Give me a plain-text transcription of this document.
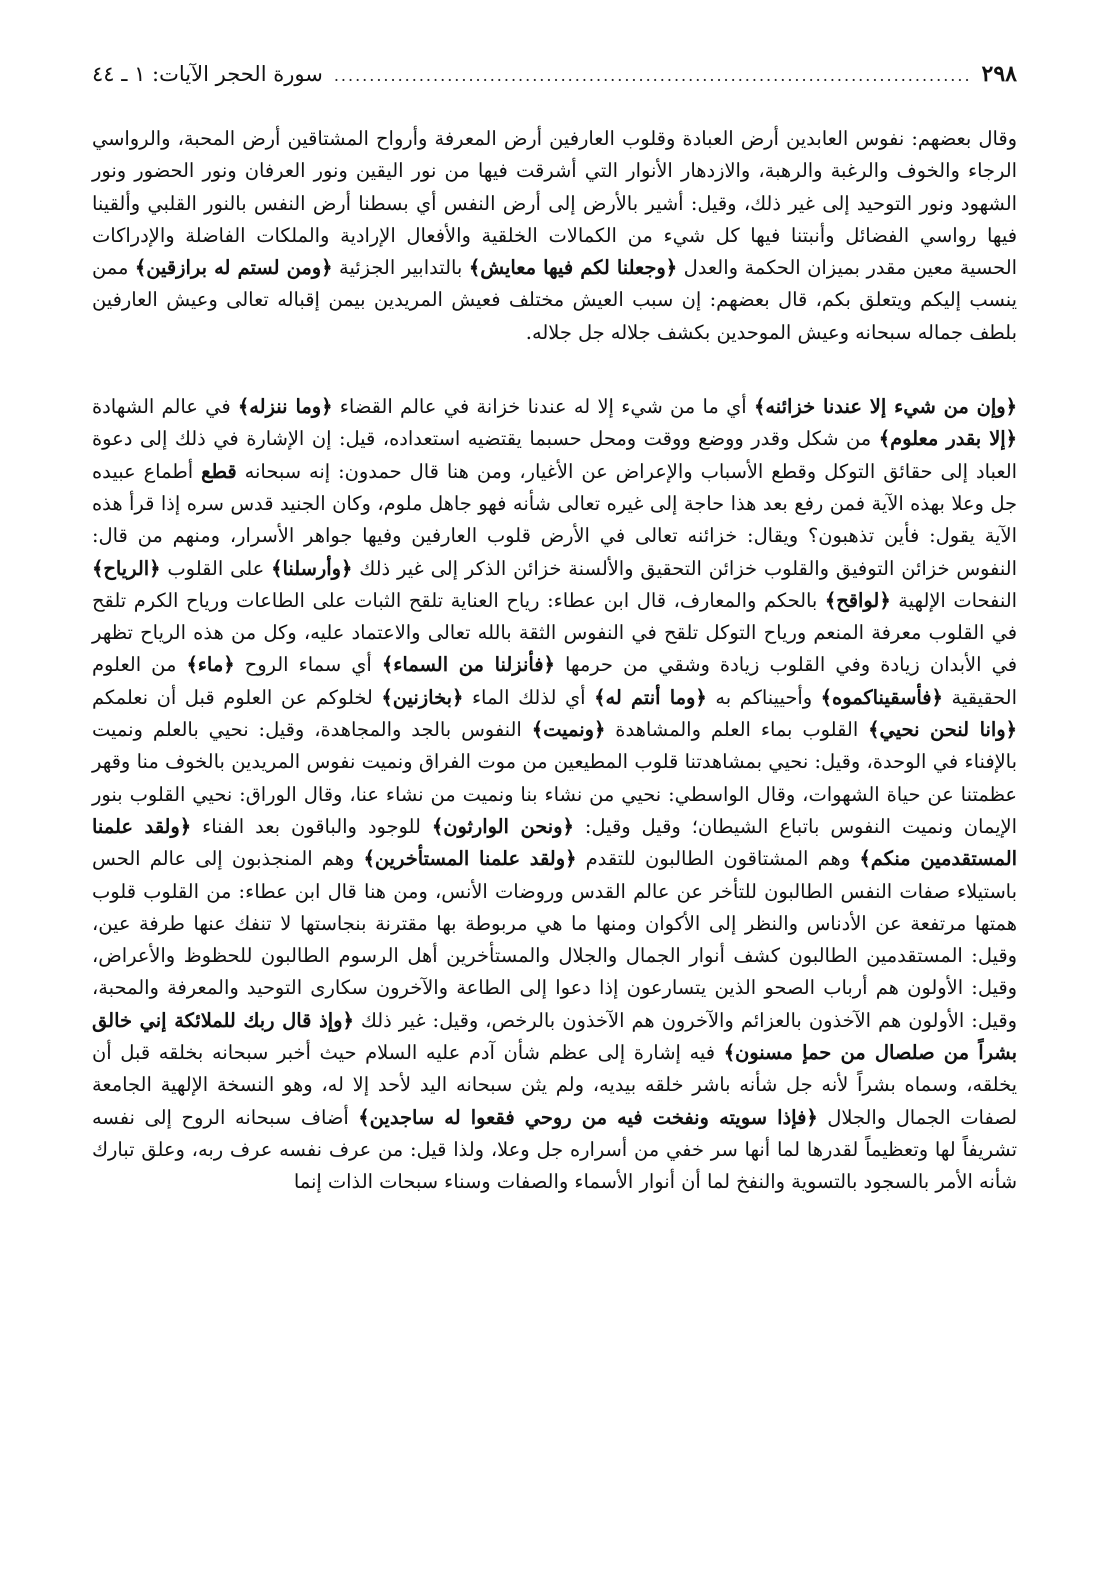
٢٩٨
.....
سورة الحجر الآيات: ١ ـ ٤٤

وقال بعضهم: نفوس العابدين أرض العبادة وقلوب العارفين أرض المعرفة وأرواح المشتاقين أرض المحبة، والرواسي الرجاء والخوف والرغبة والرهبة، والازدهار الأنوار التي أشرقت فيها من نور اليقين ونور العرفان ونور الحضور ونور الشهود ونور التوحيد إلى غير ذلك، وقيل: أشير بالأرض إلى أرض النفس أي بسطنا أرض النفس بالنور القلبي وألقينا فيها رواسي الفضائل وأنبتنا فيها كل شيء من الكمالات الخلقية والأفعال الإرادية والملكات الفاضلة والإدراكات الحسية معين مقدر بميزان الحكمة والعدل ﴿وجعلنا لكم فيها معايش﴾ بالتدابير الجزئية ﴿ومن لستم له برازقين﴾ ممن ينسب إليكم ويتعلق بكم، قال بعضهم: إن سبب العيش مختلف فعيش المريدين بيمن إقباله تعالى وعيش العارفين بلطف جماله سبحانه وعيش الموحدين بكشف جلاله جل جلاله.

﴿وإن من شيء إلا عندنا خزائنه﴾ أي ما من شيء إلا له عندنا خزانة في عالم القضاء ﴿وما ننزله﴾ في عالم الشهادة ﴿إلا بقدر معلوم﴾ من شكل وقدر ووضع ووقت ومحل حسبما يقتضيه استعداده، قيل: إن الإشارة في ذلك إلى دعوة العباد إلى حقائق التوكل وقطع الأسباب والإعراض عن الأغيار، ومن هنا قال حمدون: إنه سبحانه قطع أطماع عبيده جل وعلا بهذه الآية فمن رفع بعد هذا حاجة إلى غيره تعالى شأنه فهو جاهل ملوم، وكان الجنيد قدس سره إذا قرأ هذه الآية يقول: فأين تذهبون؟ ويقال: خزائنه تعالى في الأرض قلوب العارفين وفيها جواهر الأسرار، ومنهم من قال: النفوس خزائن التوفيق والقلوب خزائن التحقيق والألسنة خزائن الذكر إلى غير ذلك ﴿وأرسلنا﴾ على القلوب ﴿الرياح﴾ النفحات الإلهية ﴿لواقح﴾ بالحكم والمعارف، قال ابن عطاء: رياح العناية تلقح الثبات على الطاعات ورياح الكرم تلقح في القلوب معرفة المنعم ورياح التوكل تلقح في النفوس الثقة بالله تعالى والاعتماد عليه، وكل من هذه الرياح تظهر في الأبدان زيادة وفي القلوب زيادة وشقي من حرمها ﴿فأنزلنا من السماء﴾ أي سماء الروح ﴿ماء﴾ من العلوم الحقيقية ﴿فأسقيناكموه﴾ وأحييناكم به ﴿وما أنتم له﴾ أي لذلك الماء ﴿بخازنين﴾ لخلوكم عن العلوم قبل أن نعلمكم ﴿وانا لنحن نحيي﴾ القلوب بماء العلم والمشاهدة ﴿ونميت﴾ النفوس بالجد والمجاهدة، وقيل: نحيي بالعلم ونميت بالإفناء في الوحدة، وقيل: نحيي بمشاهدتنا قلوب المطيعين من موت الفراق ونميت نفوس المريدين بالخوف منا وقهر عظمتنا عن حياة الشهوات، وقال الواسطي: نحيي من نشاء بنا ونميت من نشاء عنا، وقال الوراق: نحيي القلوب بنور الإيمان ونميت النفوس باتباع الشيطان؛ وقيل وقيل: ﴿ونحن الوارثون﴾ للوجود والباقون بعد الفناء ﴿ولقد علمنا المستقدمين منكم﴾ وهم المشتاقون الطالبون للتقدم ﴿ولقد علمنا المستأخرين﴾ وهم المنجذبون إلى عالم الحس باستيلاء صفات النفس الطالبون للتأخر عن عالم القدس وروضات الأنس، ومن هنا قال ابن عطاء: من القلوب قلوب همتها مرتفعة عن الأدناس والنظر إلى الأكوان ومنها ما هي مربوطة بها مقترنة بنجاستها لا تنفك عنها طرفة عين، وقيل: المستقدمين الطالبون كشف أنوار الجمال والجلال والمستأخرين أهل الرسوم الطالبون للحظوظ والأعراض، وقيل: الأولون هم أرباب الصحو الذين يتسارعون إذا دعوا إلى الطاعة والآخرون سكارى التوحيد والمعرفة والمحبة، وقيل: الأولون هم الآخذون بالعزائم والآخرون هم الآخذون بالرخص، وقيل: غير ذلك ﴿وإذ قال ربك للملائكة إني خالق بشراً من صلصال من حمإ مسنون﴾ فيه إشارة إلى عظم شأن آدم عليه السلام حيث أخبر سبحانه بخلقه قبل أن يخلقه، وسماه بشراً لأنه جل شأنه باشر خلقه بيديه، ولم يثن سبحانه اليد لأحد إلا له، وهو النسخة الإلهية الجامعة لصفات الجمال والجلال ﴿فإذا سويته ونفخت فيه من روحي فقعوا له ساجدين﴾ أضاف سبحانه الروح إلى نفسه تشريفاً لها وتعظيماً لقدرها لما أنها سر خفي من أسراره جل وعلا، ولذا قيل: من عرف نفسه عرف ربه، وعلق تبارك شأنه الأمر بالسجود بالتسوية والنفخ لما أن أنوار الأسماء والصفات وسناء سبحات الذات إنما
